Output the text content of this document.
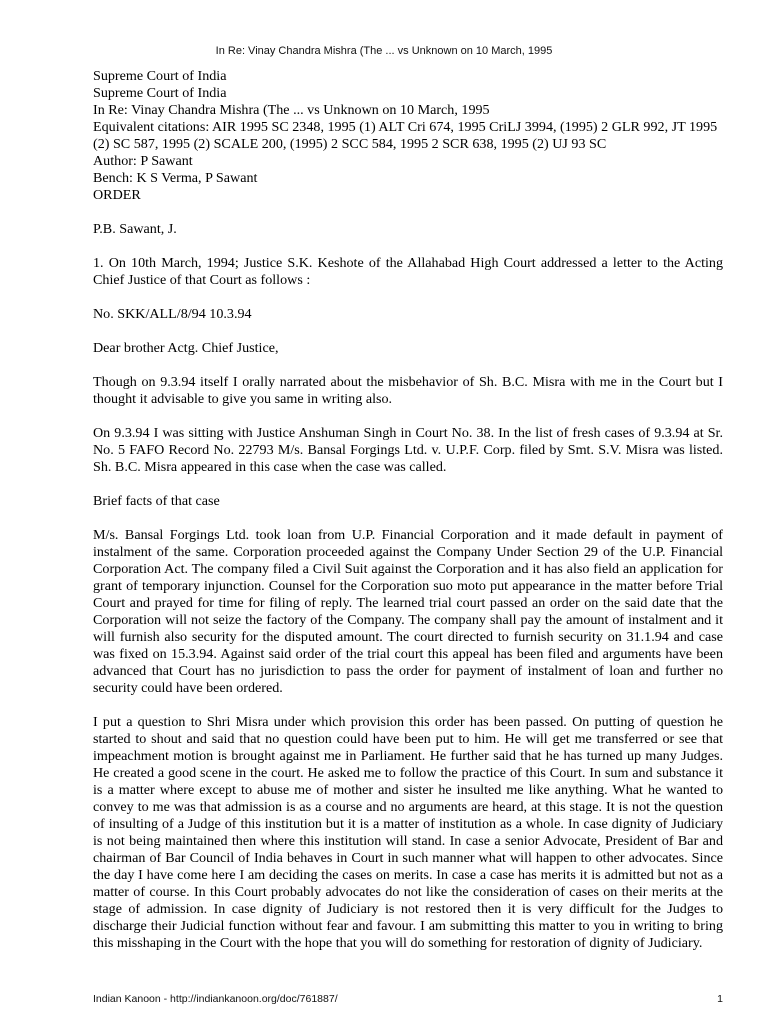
In Re: Vinay Chandra Mishra (The ... vs Unknown on 10 March, 1995
Supreme Court of India
Supreme Court of India
In Re: Vinay Chandra Mishra (The ... vs Unknown on 10 March, 1995
Equivalent citations: AIR 1995 SC 2348, 1995 (1) ALT Cri 674, 1995 CriLJ 3994, (1995) 2 GLR 992, JT 1995 (2) SC 587, 1995 (2) SCALE 200, (1995) 2 SCC 584, 1995 2 SCR 638, 1995 (2) UJ 93 SC
Author: P Sawant
Bench: K S Verma, P Sawant
ORDER

P.B. Sawant, J.

1. On 10th March, 1994; Justice S.K. Keshote of the Allahabad High Court addressed a letter to the Acting Chief Justice of that Court as follows :

No. SKK/ALL/8/94 10.3.94

Dear brother Actg. Chief Justice,

Though on 9.3.94 itself I orally narrated about the misbehavior of Sh. B.C. Misra with me in the Court but I thought it advisable to give you same in writing also.

On 9.3.94 I was sitting with Justice Anshuman Singh in Court No. 38. In the list of fresh cases of 9.3.94 at Sr. No. 5 FAFO Record No. 22793 M/s. Bansal Forgings Ltd. v. U.P.F. Corp. filed by Smt. S.V. Misra was listed. Sh. B.C. Misra appeared in this case when the case was called.

Brief facts of that case

M/s. Bansal Forgings Ltd. took loan from U.P. Financial Corporation and it made default in payment of instalment of the same. Corporation proceeded against the Company Under Section 29 of the U.P. Financial Corporation Act. The company filed a Civil Suit against the Corporation and it has also field an application for grant of temporary injunction. Counsel for the Corporation suo moto put appearance in the matter before Trial Court and prayed for time for filing of reply. The learned trial court passed an order on the said date that the Corporation will not seize the factory of the Company. The company shall pay the amount of instalment and it will furnish also security for the disputed amount. The court directed to furnish security on 31.1.94 and case was fixed on 15.3.94. Against said order of the trial court this appeal has been filed and arguments have been advanced that Court has no jurisdiction to pass the order for payment of instalment of loan and further no security could have been ordered.

I put a question to Shri Misra under which provision this order has been passed. On putting of question he started to shout and said that no question could have been put to him. He will get me transferred or see that impeachment motion is brought against me in Parliament. He further said that he has turned up many Judges. He created a good scene in the court. He asked me to follow the practice of this Court. In sum and substance it is a matter where except to abuse me of mother and sister he insulted me like anything. What he wanted to convey to me was that admission is as a course and no arguments are heard, at this stage. It is not the question of insulting of a Judge of this institution but it is a matter of institution as a whole. In case dignity of Judiciary is not being maintained then where this institution will stand. In case a senior Advocate, President of Bar and chairman of Bar Council of India behaves in Court in such manner what will happen to other advocates. Since the day I have come here I am deciding the cases on merits. In case a case has merits it is admitted but not as a matter of course. In this Court probably advocates do not like the consideration of cases on their merits at the stage of admission. In case dignity of Judiciary is not restored then it is very difficult for the Judges to discharge their Judicial function without fear and favour. I am submitting this matter to you in writing to bring this misshaping in the Court with the hope that you will do something for restoration of dignity of Judiciary.

Indian Kanoon - http://indiankanoon.org/doc/761887/	1
